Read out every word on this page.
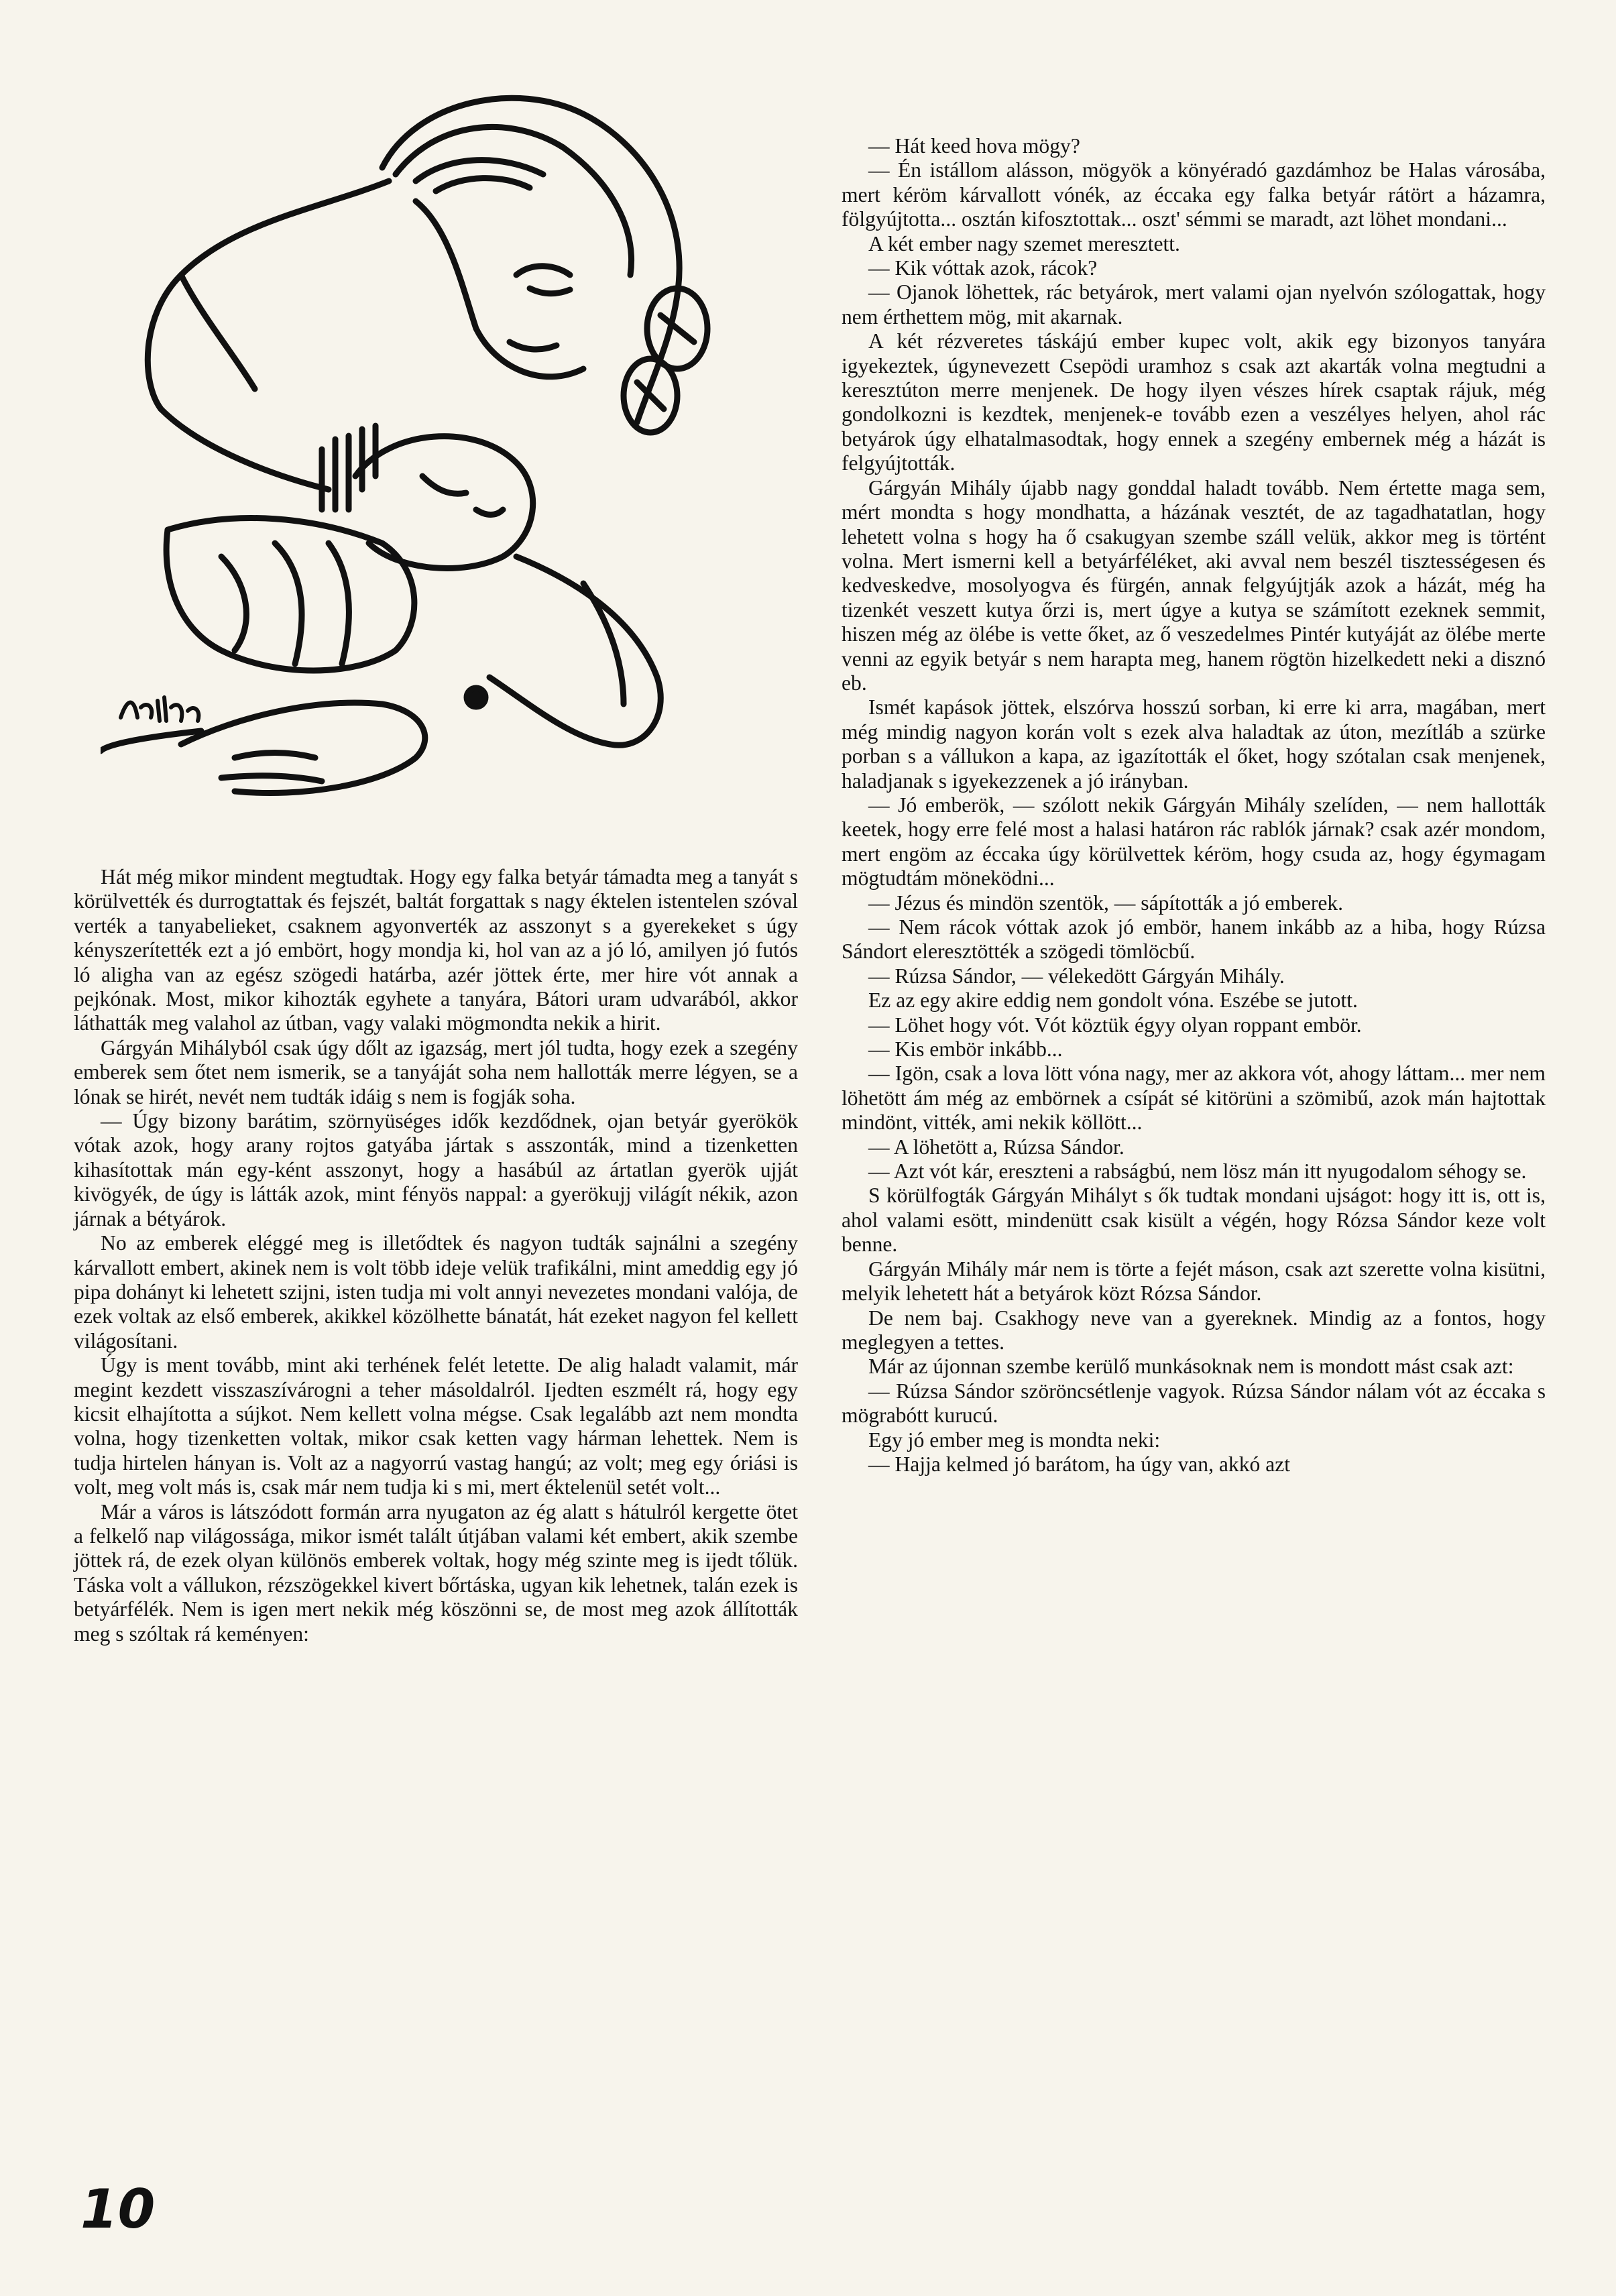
Hát még mikor mindent megtudtak. Hogy egy falka betyár támadta meg a tanyát s körülvették és durrogtattak és fejszét, baltát forgattak s nagy éktelen istentelen szóval verték a tanyabelieket, csaknem agyonverték az asszonyt s a gyerekeket s úgy kényszerítették ezt a jó embört, hogy mondja ki, hol van az a jó ló, amilyen jó futós ló aligha van az egész szögedi határba, azér jöttek érte, mer hire vót annak a pejkónak. Most, mikor kihozták egyhete a tanyára, Bátori uram udvarából, akkor láthatták meg valahol az útban, vagy valaki mögmondta nekik a hirit.

Gárgyán Mihályból csak úgy dőlt az igazság, mert jól tudta, hogy ezek a szegény emberek sem őtet nem ismerik, se a tanyáját soha nem hallották merre légyen, se a lónak se hirét, nevét nem tudták idáig s nem is fogják soha.

— Úgy bizony barátim, szörnyüséges idők kezdődnek, ojan betyár gyerökök vótak azok, hogy arany rojtos gatyába jártak s asszonták, mind a tizenketten kihasítottak mán egy-ként asszonyt, hogy a hasábúl az ártatlan gyerök ujját kivögyék, de úgy is látták azok, mint fényös nappal: a gyerökujj világít nékik, azon járnak a bétyárok.

No az emberek eléggé meg is illetődtek és nagyon tudták sajnálni a szegény kárvallott embert, akinek nem is volt több ideje velük trafikálni, mint ameddig egy jó pipa dohányt ki lehetett szijni, isten tudja mi volt annyi nevezetes mondani valója, de ezek voltak az első emberek, akikkel közölhette bánatát, hát ezeket nagyon fel kellett világosítani.

Úgy is ment tovább, mint aki terhének felét letette. De alig haladt valamit, már megint kezdett visszaszívárogni a teher másoldalról. Ijedten eszmélt rá, hogy egy kicsit elhajította a sújkot. Nem kellett volna mégse. Csak legalább azt nem mondta volna, hogy tizenketten voltak, mikor csak ketten vagy hárman lehettek. Nem is tudja hirtelen hányan is. Volt az a nagyorrú vastag hangú; az volt; meg egy óriási is volt, meg volt más is, csak már nem tudja ki s mi, mert éktelenül setét volt...

Már a város is látszódott formán arra nyugaton az ég alatt s hátulról kergette ötet a felkelő nap világossága, mikor ismét talált útjában valami két embert, akik szembe jöttek rá, de ezek olyan különös emberek voltak, hogy még szinte meg is ijedt tőlük. Táska volt a vállukon, rézszögekkel kivert bőrtáska, ugyan kik lehetnek, talán ezek is betyárfélék. Nem is igen mert nekik még köszönni se, de most meg azok állították meg s szóltak rá keményen:

— Hát keed hova mögy?

— Én istállom alásson, mögyök a könyéradó gazdámhoz be Halas városába, mert kéröm kárvallott vónék, az éccaka egy falka betyár rátört a házamra, fölgyújtotta... osztán kifosztottak... oszt' sémmi se maradt, azt löhet mondani...

A két ember nagy szemet meresztett.

— Kik vóttak azok, rácok?

— Ojanok löhettek, rác betyárok, mert valami ojan nyelvón szólogattak, hogy nem érthettem mög, mit akarnak.

A két rézveretes táskájú ember kupec volt, akik egy bizonyos tanyára igyekeztek, úgynevezett Csepödi uramhoz s csak azt akarták volna megtudni a keresztúton merre menjenek. De hogy ilyen vészes hírek csaptak rájuk, még gondolkozni is kezdtek, menjenek-e tovább ezen a veszélyes helyen, ahol rác betyárok úgy elhatalmasodtak, hogy ennek a szegény embernek még a házát is felgyújtották.

Gárgyán Mihály újabb nagy gonddal haladt tovább. Nem értette maga sem, mért mondta s hogy mondhatta, a házának vesztét, de az tagadhatatlan, hogy lehetett volna s hogy ha ő csakugyan szembe száll velük, akkor meg is történt volna. Mert ismerni kell a betyárféléket, aki avval nem beszél tisztességesen és kedveskedve, mosolyogva és fürgén, annak felgyújtják azok a házát, még ha tizenkét veszett kutya őrzi is, mert úgye a kutya se számított ezeknek semmit, hiszen még az ölébe is vette őket, az ő veszedelmes Pintér kutyáját az ölébe merte venni az egyik betyár s nem harapta meg, hanem rögtön hizelkedett neki a disznó eb.

Ismét kapások jöttek, elszórva hosszú sorban, ki erre ki arra, magában, mert még mindig nagyon korán volt s ezek alva haladtak az úton, mezítláb a szürke porban s a vállukon a kapa, az igazították el őket, hogy szótalan csak menjenek, haladjanak s igyekezzenek a jó irányban.

— Jó emberök, — szólott nekik Gárgyán Mihály szelíden, — nem hallották keetek, hogy erre felé most a halasi határon rác rablók járnak? csak azér mondom, mert engöm az éccaka úgy körülvettek kéröm, hogy csuda az, hogy égymagam mögtudtám möneködni...

— Jézus és mindön szentök, — sápították a jó emberek.

— Nem rácok vóttak azok jó embör, hanem inkább az a hiba, hogy Rúzsa Sándort eleresztötték a szögedi tömlöcbű.

— Rúzsa Sándor, — vélekedött Gárgyán Mihály.

Ez az egy akire eddig nem gondolt vóna. Eszébe se jutott.

— Löhet hogy vót. Vót köztük égyy olyan roppant embör.

— Kis embör inkább...

— Igön, csak a lova lött vóna nagy, mer az akkora vót, ahogy láttam... mer nem löhetött ám még az embörnek a csípát sé kitörüni a szömibű, azok mán hajtottak mindönt, vitték, ami nekik köllött...

— A löhetött a, Rúzsa Sándor.

— Azt vót kár, ereszteni a rabságbú, nem lösz mán itt nyugodalom séhogy se.

S körülfogták Gárgyán Mihályt s ők tudtak mondani ujságot: hogy itt is, ott is, ahol valami esött, mindenütt csak kisült a végén, hogy Rózsa Sándor keze volt benne.

Gárgyán Mihály már nem is törte a fejét máson, csak azt szerette volna kisütni, melyik lehetett hát a betyárok közt Rózsa Sándor.

De nem baj. Csakhogy neve van a gyereknek. Mindig az a fontos, hogy meglegyen a tettes.

Már az újonnan szembe kerülő munkásoknak nem is mondott mást csak azt:

— Rúzsa Sándor szöröncsétlenje vagyok. Rúzsa Sándor nálam vót az éccaka s mögrabótt kurucú.

Egy jó ember meg is mondta neki:

— Hajja kelmed jó barátom, ha úgy van, akkó azt

10
